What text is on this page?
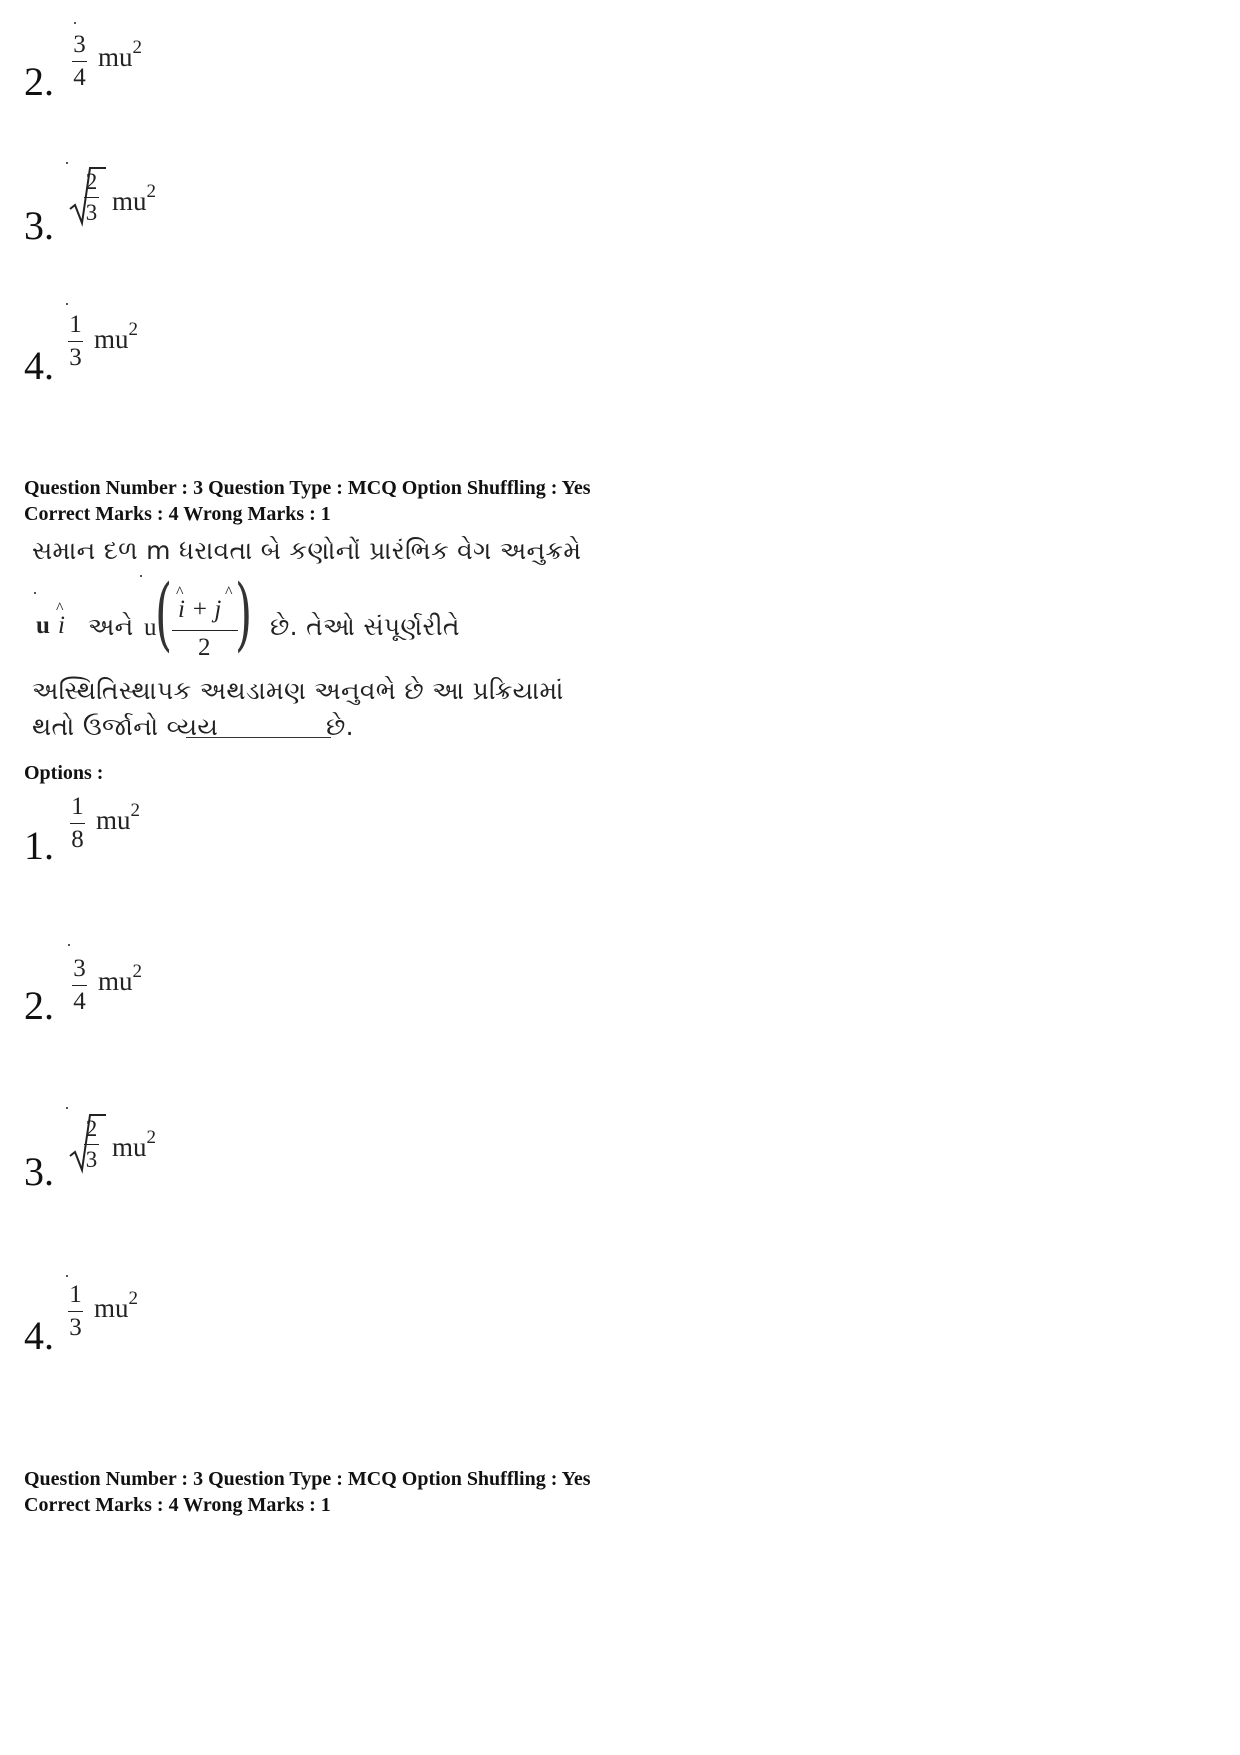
2.
3
4
$mu^2$
3.
2
3 $mu^2$
4.
1
3
$mu^2$
Question Number : 3 Question Type : MCQ Option Shuffling : Yes
Correct Marks : 4 Wrong Marks : 1
સમાન દળ m ધરાવતા બે કણોનોં પ્રારંભિક વેગ અનુક્રમે
u i
^
અને u
( ^	^
i + j
2 ) છે. તેઓ સંપૂર્ણરીતે
અસ્થિતિસ્થાપક અથડામણ અનુવભે છે આ પ્રક્રિયામાં
થતો ઉર્જાનો વ્યય	છે.
Options :
1.
1
8
$mu^2$
2.
3
4
$mu^2$
3.
2
3 $mu^2$
4.
1
3
$mu^2$
Question Number : 3 Question Type : MCQ Option Shuffling : Yes
Correct Marks : 4 Wrong Marks : 1
